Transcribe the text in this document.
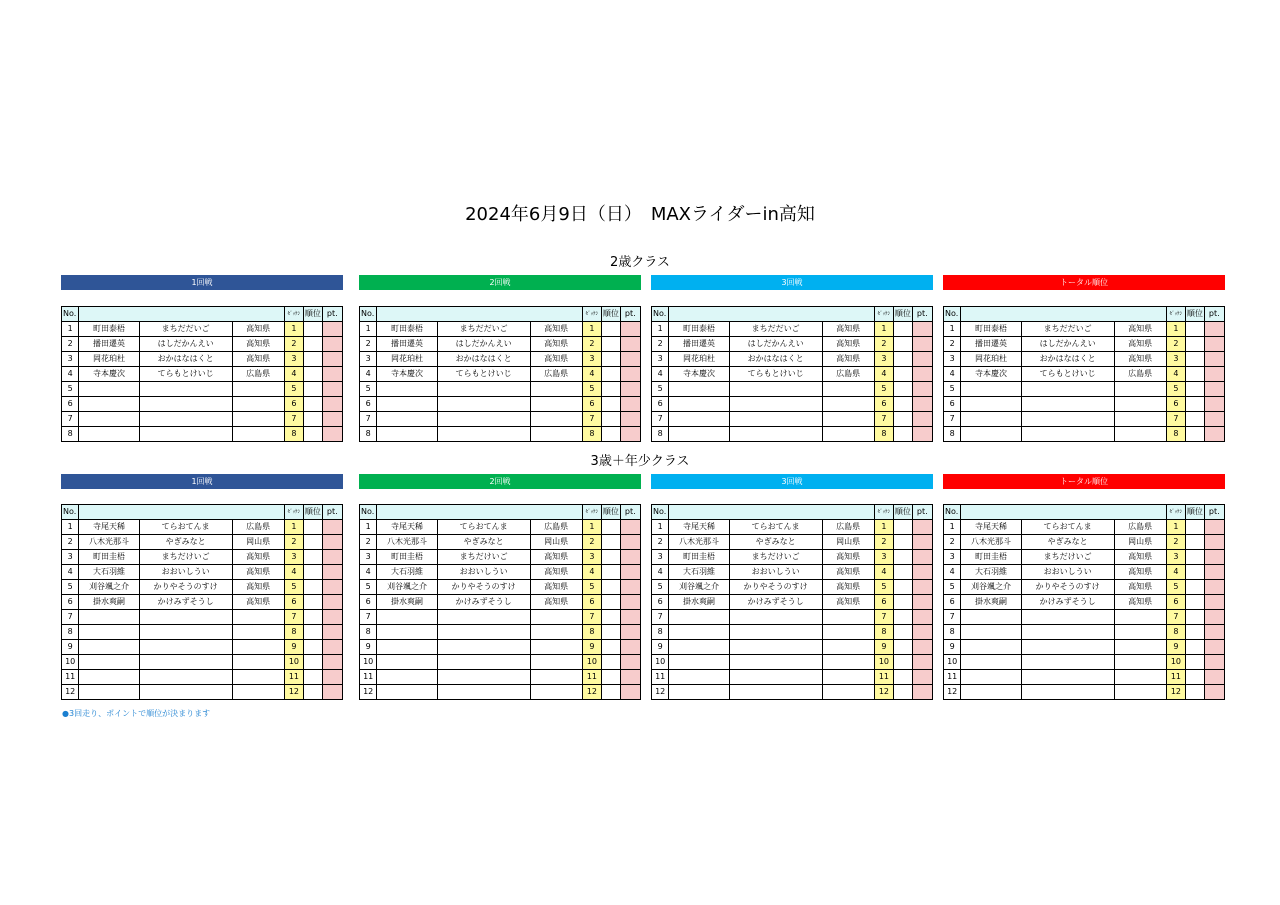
2024年6月9日（日）　MAXライダーin高知
2歳クラス
1回戦
No.				ｾﾞｯｹﾝ	順位	pt.
1	町田泰梧	まちだだいご	高知県	1		
2	播田遷英	はしだかんえい	高知県	2		
3	岡花珀杜	おかはなはくと	高知県	3		
4	寺本慶次	てらもとけいじ	広島県	4		
5				5		
6				6		
7				7		
8				8		
2回戦
No.				ｾﾞｯｹﾝ	順位	pt.
1	町田泰梧	まちだだいご	高知県	1		
2	播田遷英	はしだかんえい	高知県	2		
3	岡花珀杜	おかはなはくと	高知県	3		
4	寺本慶次	てらもとけいじ	広島県	4		
5				5		
6				6		
7				7		
8				8		
3回戦
No.				ｾﾞｯｹﾝ	順位	pt.
1	町田泰梧	まちだだいご	高知県	1		
2	播田遷英	はしだかんえい	高知県	2		
3	岡花珀杜	おかはなはくと	高知県	3		
4	寺本慶次	てらもとけいじ	広島県	4		
5				5		
6				6		
7				7		
8				8		
トータル順位
No.				ｾﾞｯｹﾝ	順位	pt.
1	町田泰梧	まちだだいご	高知県	1		
2	播田遷英	はしだかんえい	高知県	2		
3	岡花珀杜	おかはなはくと	高知県	3		
4	寺本慶次	てらもとけいじ	広島県	4		
5				5		
6				6		
7				7		
8				8		
3歳＋年少クラス
1回戦
No.				ｾﾞｯｹﾝ	順位	pt.
1	寺尾天稀	てらおてんま	広島県	1		
2	八木光那斗	やぎみなと	岡山県	2		
3	町田圭梧	まちだけいご	高知県	3		
4	大石羽維	おおいしうい	高知県	4		
5	刈谷颯之介	かりやそうのすけ	高知県	5		
6	掛水爽嗣	かけみずそうし	高知県	6		
7				7		
8				8		
9				9		
10				10		
11				11		
12				12		
2回戦
No.				ｾﾞｯｹﾝ	順位	pt.
1	寺尾天稀	てらおてんま	広島県	1		
2	八木光那斗	やぎみなと	岡山県	2		
3	町田圭梧	まちだけいご	高知県	3		
4	大石羽維	おおいしうい	高知県	4		
5	刈谷颯之介	かりやそうのすけ	高知県	5		
6	掛水爽嗣	かけみずそうし	高知県	6		
7				7		
8				8		
9				9		
10				10		
11				11		
12				12		
3回戦
No.				ｾﾞｯｹﾝ	順位	pt.
1	寺尾天稀	てらおてんま	広島県	1		
2	八木光那斗	やぎみなと	岡山県	2		
3	町田圭梧	まちだけいご	高知県	3		
4	大石羽維	おおいしうい	高知県	4		
5	刈谷颯之介	かりやそうのすけ	高知県	5		
6	掛水爽嗣	かけみずそうし	高知県	6		
7				7		
8				8		
9				9		
10				10		
11				11		
12				12		
トータル順位
No.				ｾﾞｯｹﾝ	順位	pt.
1	寺尾天稀	てらおてんま	広島県	1		
2	八木光那斗	やぎみなと	岡山県	2		
3	町田圭梧	まちだけいご	高知県	3		
4	大石羽維	おおいしうい	高知県	4		
5	刈谷颯之介	かりやそうのすけ	高知県	5		
6	掛水爽嗣	かけみずそうし	高知県	6		
7				7		
8				8		
9				9		
10				10		
11				11		
12				12		
●3回走り、ポイントで順位が決まります
